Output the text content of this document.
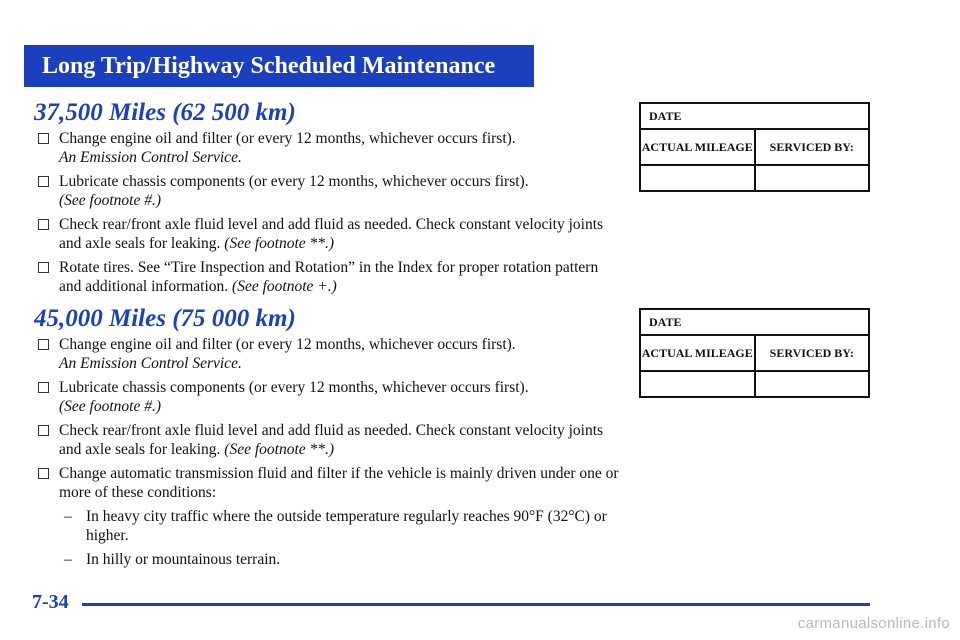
Long Trip/Highway Scheduled Maintenance
37,500 Miles (62 500 km)
Change engine oil and filter (or every 12 months, whichever occurs first).
An Emission Control Service.
Lubricate chassis components (or every 12 months, whichever occurs first).
(See footnote #.)
Check rear/front axle fluid level and add fluid as needed. Check constant velocity joints and axle seals for leaking. (See footnote **.)
Rotate tires. See “Tire Inspection and Rotation” in the Index for proper rotation pattern and additional information. (See footnote +.)
45,000 Miles (75 000 km)
Change engine oil and filter (or every 12 months, whichever occurs first).
An Emission Control Service.
Lubricate chassis components (or every 12 months, whichever occurs first).
(See footnote #.)
Check rear/front axle fluid level and add fluid as needed. Check constant velocity joints and axle seals for leaking. (See footnote **.)
Change automatic transmission fluid and filter if the vehicle is mainly driven under one or more of these conditions:
– In heavy city traffic where the outside temperature regularly reaches 90°F (32°C) or higher.
– In hilly or mountainous terrain.
DATE	
ACTUAL MILEAGE	SERVICED BY:

DATE	
ACTUAL MILEAGE	SERVICED BY:

7-34
carmanualsonline.info
